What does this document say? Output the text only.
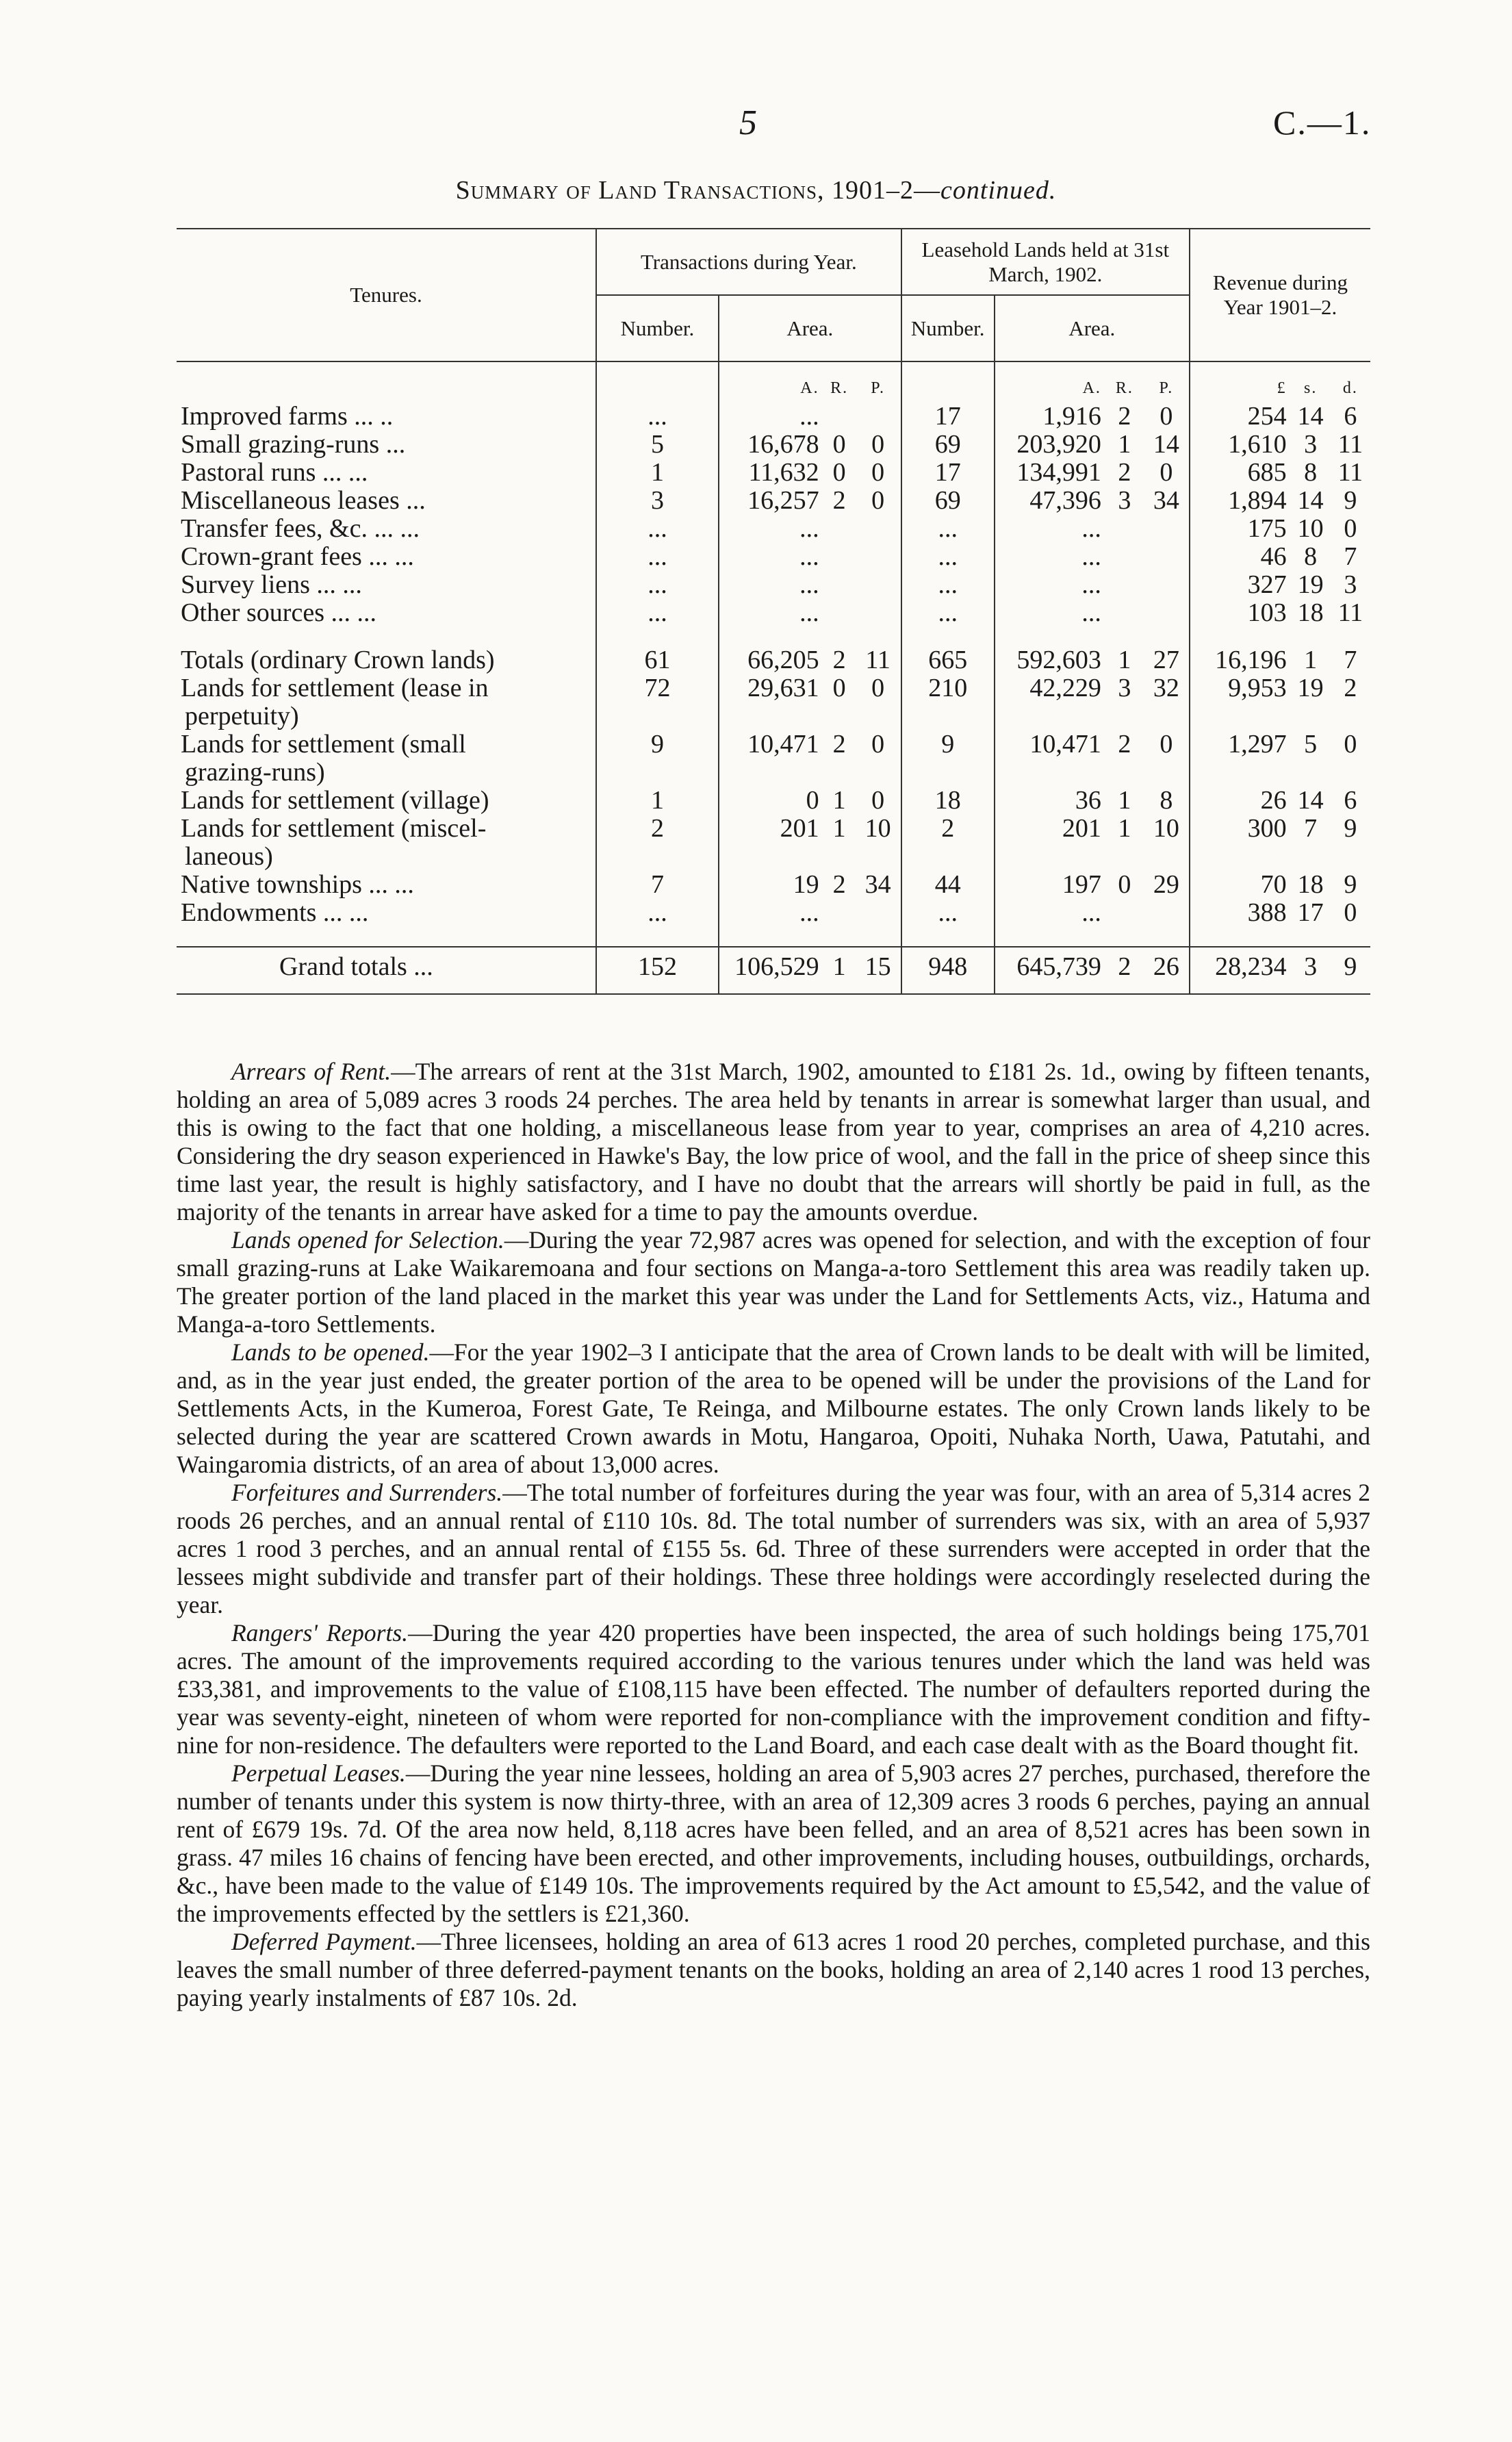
5	C.—1.
Summary of Land Transactions, 1901–2—continued.
Tenures.	Transactions during Year.				Leasehold Lands held at 31st March, 1902.				Revenue during Year 1901–2.		
	Number.	Area.			Number.	Area.					
		A.	R.	P.		A.	R.	P.	£	s.	d.

Improved farms ... ..	...	...			17	1,916	2	0	254	14	6

Small grazing-runs ...	5	16,678	0	0	69	203,920	1	14	1,610	3	11

Pastoral runs ... ...	1	11,632	0	0	17	134,991	2	0	685	8	11

Miscellaneous leases ...	3	16,257	2	0	69	47,396	3	34	1,894	14	9

Transfer fees, &c. ... ...	...	...			...	...			175	10	0

Crown-grant fees ... ...	...	...			...	...			46	8	7

Survey liens ... ...	...	...			...	...			327	19	3

Other sources ... ...	...	...			...	...			103	18	11

Totals (ordinary Crown lands)	61	66,205	2	11	665	592,603	1	27	16,196	1	7

Lands for settlement (lease in
perpetuity)	72	29,631	0	0	210	42,229	3	32	9,953	19	2

Lands for settlement (small
grazing-runs)	9	10,471	2	0	9	10,471	2	0	1,297	5	0

Lands for settlement (village)	1	0	1	0	18	36	1	8	26	14	6

Lands for settlement (miscel-
laneous)	2	201	1	10	2	201	1	10	300	7	9

Native townships ... ...	7	19	2	34	44	197	0	29	70	18	9

Endowments ... ...	...	...			...	...			388	17	0

Grand totals ...	152	106,529	1	15	948	645,739	2	26	28,234	3	9

Arrears of Rent.—The arrears of rent at the 31st March, 1902, amounted to £181 2s. 1d., owing by fifteen tenants, holding an area of 5,089 acres 3 roods 24 perches. The area held by tenants in arrear is somewhat larger than usual, and this is owing to the fact that one holding, a miscellaneous lease from year to year, comprises an area of 4,210 acres. Considering the dry season experienced in Hawke's Bay, the low price of wool, and the fall in the price of sheep since this time last year, the result is highly satisfactory, and I have no doubt that the arrears will shortly be paid in full, as the majority of the tenants in arrear have asked for a time to pay the amounts overdue.

Lands opened for Selection.—During the year 72,987 acres was opened for selection, and with the exception of four small grazing-runs at Lake Waikaremoana and four sections on Manga-a-toro Settlement this area was readily taken up. The greater portion of the land placed in the market this year was under the Land for Settlements Acts, viz., Hatuma and Manga-a-toro Settlements.

Lands to be opened.—For the year 1902–3 I anticipate that the area of Crown lands to be dealt with will be limited, and, as in the year just ended, the greater portion of the area to be opened will be under the provisions of the Land for Settlements Acts, in the Kumeroa, Forest Gate, Te Reinga, and Milbourne estates. The only Crown lands likely to be selected during the year are scattered Crown awards in Motu, Hangaroa, Opoiti, Nuhaka North, Uawa, Patutahi, and Waingaromia districts, of an area of about 13,000 acres.

Forfeitures and Surrenders.—The total number of forfeitures during the year was four, with an area of 5,314 acres 2 roods 26 perches, and an annual rental of £110 10s. 8d. The total number of surrenders was six, with an area of 5,937 acres 1 rood 3 perches, and an annual rental of £155 5s. 6d. Three of these surrenders were accepted in order that the lessees might subdivide and transfer part of their holdings. These three holdings were accordingly reselected during the year.

Rangers' Reports.—During the year 420 properties have been inspected, the area of such holdings being 175,701 acres. The amount of the improvements required according to the various tenures under which the land was held was £33,381, and improvements to the value of £108,115 have been effected. The number of defaulters reported during the year was seventy-eight, nineteen of whom were reported for non-compliance with the improvement condition and fifty-nine for non-residence. The defaulters were reported to the Land Board, and each case dealt with as the Board thought fit.

Perpetual Leases.—During the year nine lessees, holding an area of 5,903 acres 27 perches, purchased, therefore the number of tenants under this system is now thirty-three, with an area of 12,309 acres 3 roods 6 perches, paying an annual rent of £679 19s. 7d. Of the area now held, 8,118 acres have been felled, and an area of 8,521 acres has been sown in grass. 47 miles 16 chains of fencing have been erected, and other improvements, including houses, outbuildings, orchards, &c., have been made to the value of £149 10s. The improvements required by the Act amount to £5,542, and the value of the improvements effected by the settlers is £21,360.

Deferred Payment.—Three licensees, holding an area of 613 acres 1 rood 20 perches, completed purchase, and this leaves the small number of three deferred-payment tenants on the books, holding an area of 2,140 acres 1 rood 13 perches, paying yearly instalments of £87 10s. 2d.
